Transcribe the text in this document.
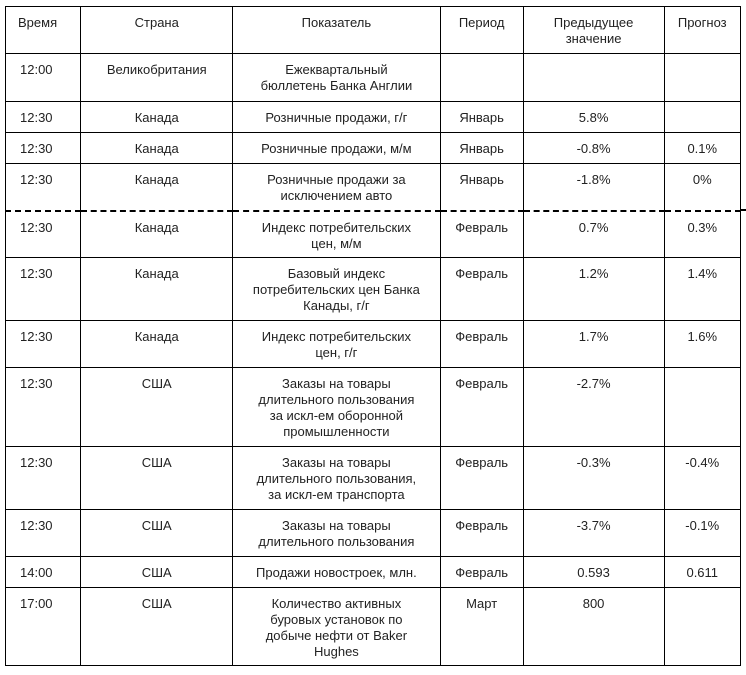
Время	Страна	Показатель	Период	Предыдущее значение	Прогноз
12:00	Великобритания	Ежеквартальный бюллетень Банка Англии			

12:30	Канада	Розничные продажи, г/г	Январь	5.8%	
12:30	Канада	Розничные продажи, м/м	Январь	-0.8%	0.1%
12:30	Канада	Розничные продажи за исключением авто	Январь	-1.8%	0%
12:30	Канада	Индекс потребительских цен, м/м	Февраль	0.7%	0.3%
12:30	Канада	Базовый индекс потребительских цен Банка Канады, г/г	Февраль	1.2%	1.4%
12:30	Канада	Индекс потребительских цен, г/г	Февраль	1.7%	1.6%
12:30	США	Заказы на товары длительного пользования за искл-ем оборонной промышленности	Февраль	-2.7%	
12:30	США	Заказы на товары длительного пользования, за искл-ем транспорта	Февраль	-0.3%	-0.4%
12:30	США	Заказы на товары длительного пользования	Февраль	-3.7%	-0.1%
14:00	США	Продажи новостроек, млн.	Февраль	0.593	0.611
17:00	США	Количество активных буровых установок по добыче нефти от Baker Hughes	Март	800	
